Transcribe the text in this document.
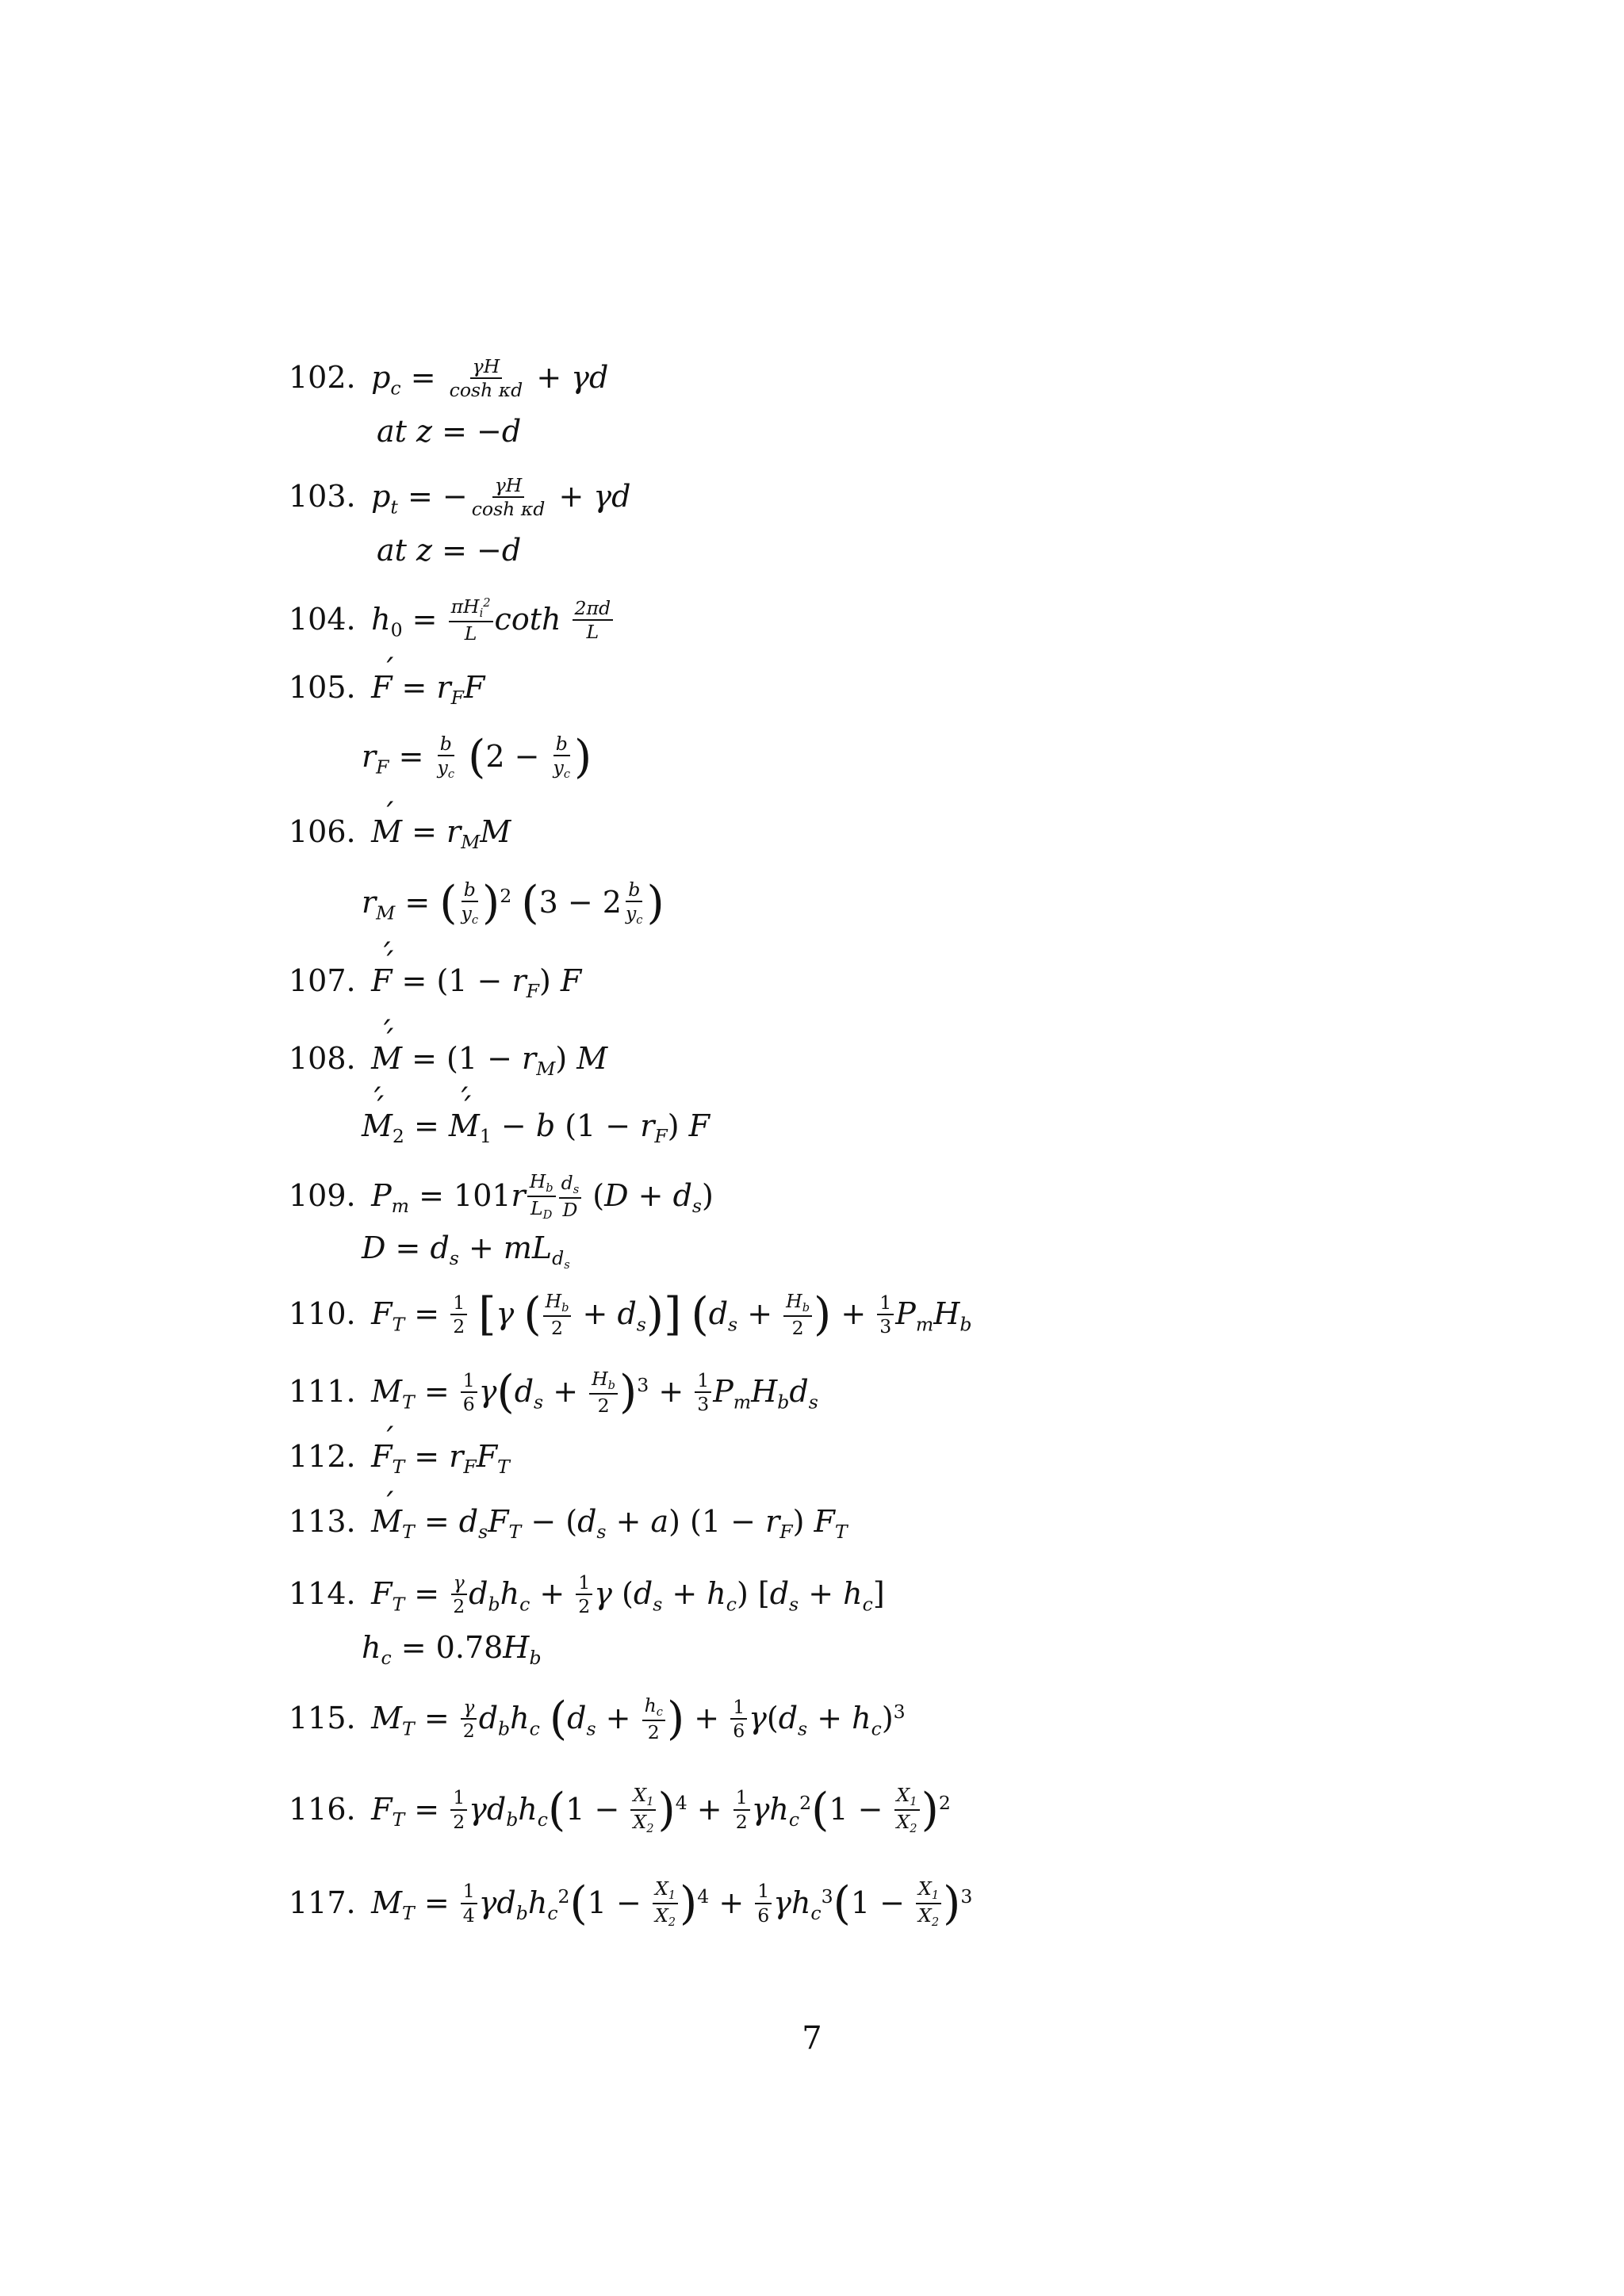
102. $p_c = \frac{\gamma H}{\text{cosh κd}} + \gamma d$
at z = −d
103. $p_t$ = − $\frac{\gamma H}{\text{cosh κd}} + \gamma d$
at z = −d
104. $h_0 = \frac{\pi H_i^2}{L}$ coth $\frac{2\pi d}{L}$
105. ´ $F = r_FF$
$r_F = \frac{b}{y_c} (2 - \frac{b}{y_c}$ )
106. ´ $M = r_MM$
$r_M$ = ( $\frac{b}{y_c} )^2$ ($3 - 2 \frac{b}{y_c}$ )
107. ´ F ´ = $(1 - r_F)$ F
108. ´ M ´ = $(1 - r_M)$ M
´ M $´_2$ = ´ M $´_1 - b$ $(1 - r_F)$ F
109. $P_m = 101r \frac{H_b}{L_D} \frac{d_s}{D} (D + d_s)$
$D = d_s + mL_{d_s}$
110. $F_T = \frac{1}{2} [\gamma$ ( $\frac{H_b}{2} + d_s$)] ($d_s + \frac{H_b}{2}$ ) + $\frac{1}{3} P_mH_b$
111. $M_T = \frac{1}{6} \gamma(d_s + \frac{H_b}{2} )^3 + \frac{1}{3} P_mH_bd_s$
112. ´ $F_T = r_FF_T$
113. ´ $M_T = d_sF_T - (d_s + a) (1 - r_F)$ $F_T$
114. $F_T = \frac{\gamma}{2} d_bh_c + \frac{1}{2}$ γ $(d_s + h_c) [d_s + h_c]$
$h_c = 0.78H_b$
115. $M_T = \frac{\gamma}{2} d_bh_c$ ($d_s + \frac{h_c}{2}$ ) + $\frac{1}{6} \gamma(d_s + h_c)^3$
116. $F_T = \frac{1}{2} \gamma d_bh_c(1 - \frac{X_1}{X_2} )^4 + \frac{1}{2} \gamma h_c^2(1 - \frac{X_1}{X_2} )^2$
117. $M_T = \frac{1}{4} \gamma d_bh_c^2(1 - \frac{X_1}{X_2} )^4 + \frac{1}{6} \gamma h_c^3(1 - \frac{X_1}{X_2} )^3$
7
